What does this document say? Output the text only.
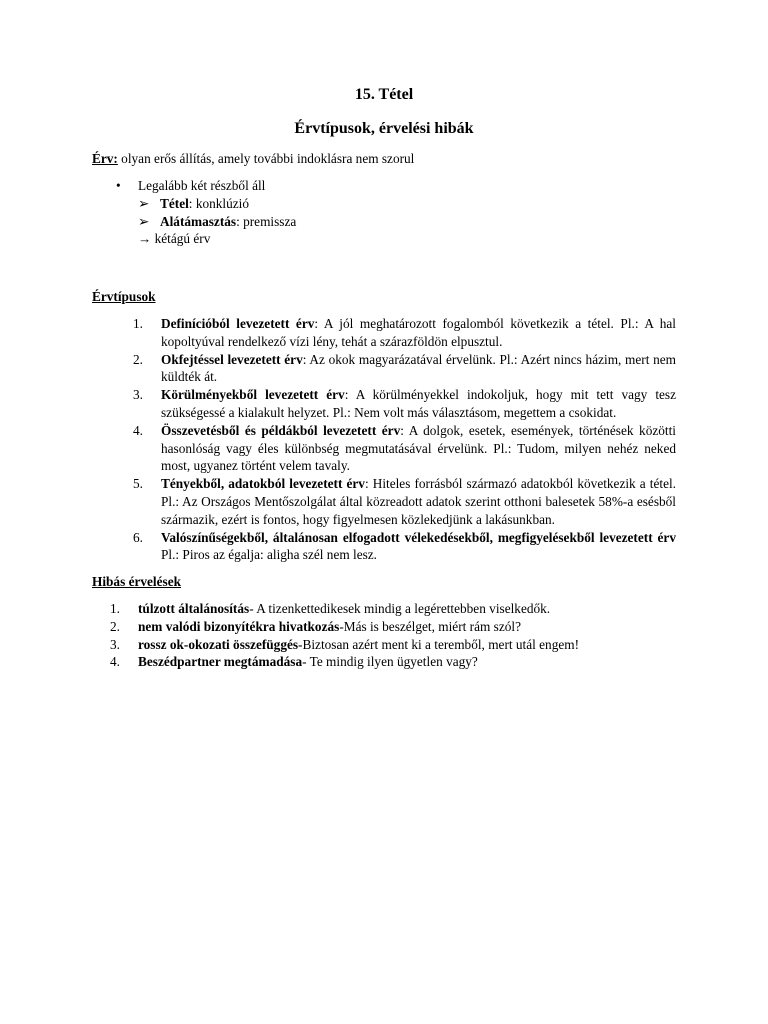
15. Tétel
Érvtípusok, érvelési hibák
Érv: olyan erős állítás, amely további indoklásra nem szorul
• Legalább két részből áll
➢ Tétel: konklúzió
➢ Alátámasztás: premissza
→ kétágú érv
Érvtípusok
1.	Definícióból levezetett érv: A jól meghatározott fogalomból következik a tétel. Pl.: A hal kopoltyúval rendelkező vízi lény, tehát a szárazföldön elpusztul.
2.	Okfejtéssel levezetett érv: Az okok magyarázatával érvelünk. Pl.: Azért nincs házim, mert nem küldték át.
3.	Körülményekből levezetett érv: A körülményekkel indokoljuk, hogy mit tett vagy tesz szükségessé a kialakult helyzet. Pl.: Nem volt más választásom, megettem a csokidat.
4.	Összevetésből és példákból levezetett érv: A dolgok, esetek, események, történések közötti hasonlóság vagy éles különbség megmutatásával érvelünk. Pl.: Tudom, milyen nehéz neked most, ugyanez történt velem tavaly.
5.	Tényekből, adatokból levezetett érv: Hiteles forrásból származó adatokból következik a tétel. Pl.: Az Országos Mentőszolgálat által közreadott adatok szerint otthoni balesetek 58%-a esésből származik, ezért is fontos, hogy figyelmesen közlekedjünk a lakásunkban.
6.	Valószínűségekből, általánosan elfogadott vélekedésekből, megfigyelésekből levezetett érv Pl.: Piros az égalja: aligha szél nem lesz.
Hibás érvelések
1.	túlzott általánosítás- A tizenkettedikesek mindig a legérettebben viselkedők.
2.	nem valódi bizonyítékra hivatkozás-Más is beszélget, miért rám szól?
3.	rossz ok-okozati összefüggés-Biztosan azért ment ki a teremből, mert utál engem!
4.	Beszédpartner megtámadása- Te mindig ilyen ügyetlen vagy?
